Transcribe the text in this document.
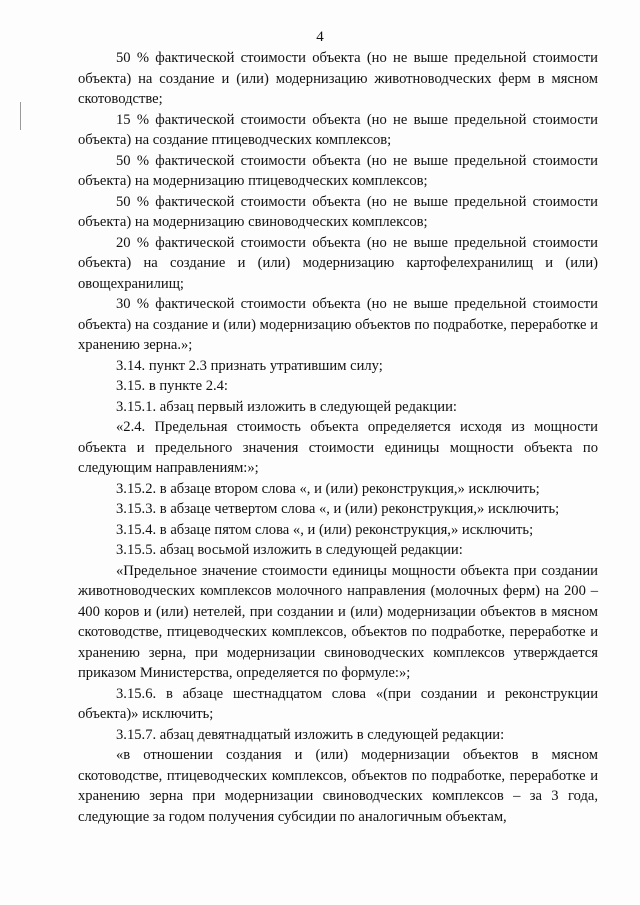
4

50 % фактической стоимости объекта (но не выше предельной стоимости объекта) на создание и (или) модернизацию животноводческих ферм в мясном скотоводстве;

15 % фактической стоимости объекта (но не выше предельной стоимости объекта) на создание птицеводческих комплексов;

50 % фактической стоимости объекта (но не выше предельной стоимости объекта) на модернизацию птицеводческих комплексов;

50 % фактической стоимости объекта (но не выше предельной стоимости объекта) на модернизацию свиноводческих комплексов;

20 % фактической стоимости объекта (но не выше предельной стоимости объекта) на создание и (или) модернизацию картофелехранилищ и (или) овощехранилищ;

30 % фактической стоимости объекта (но не выше предельной стоимости объекта) на создание и (или) модернизацию объектов по подработке, переработке и хранению зерна.»;

3.14. пункт 2.3 признать утратившим силу;

3.15. в пункте 2.4:

3.15.1. абзац первый изложить в следующей редакции:

«2.4. Предельная стоимость объекта определяется исходя из мощности объекта и предельного значения стоимости единицы мощности объекта по следующим направлениям:»;

3.15.2. в абзаце втором слова «, и (или) реконструкция,» исключить;

3.15.3. в абзаце четвертом слова «, и (или) реконструкция,» исключить;

3.15.4. в абзаце пятом слова «, и (или) реконструкция,» исключить;

3.15.5. абзац восьмой изложить в следующей редакции:

«Предельное значение стоимости единицы мощности объекта при создании животноводческих комплексов молочного направления (молочных ферм) на 200 – 400 коров и (или) нетелей, при создании и (или) модернизации объектов в мясном скотоводстве, птицеводческих комплексов, объектов по подработке, переработке и хранению зерна, при модернизации свиноводческих комплексов утверждается приказом Министерства, определяется по формуле:»;

3.15.6. в абзаце шестнадцатом слова «(при создании и реконструкции объекта)» исключить;

3.15.7. абзац девятнадцатый изложить в следующей редакции:

«в отношении создания и (или) модернизации объектов в мясном скотоводстве, птицеводческих комплексов, объектов по подработке, переработке и хранению зерна при модернизации свиноводческих комплексов – за 3 года, следующие за годом получения субсидии по аналогичным объектам,
